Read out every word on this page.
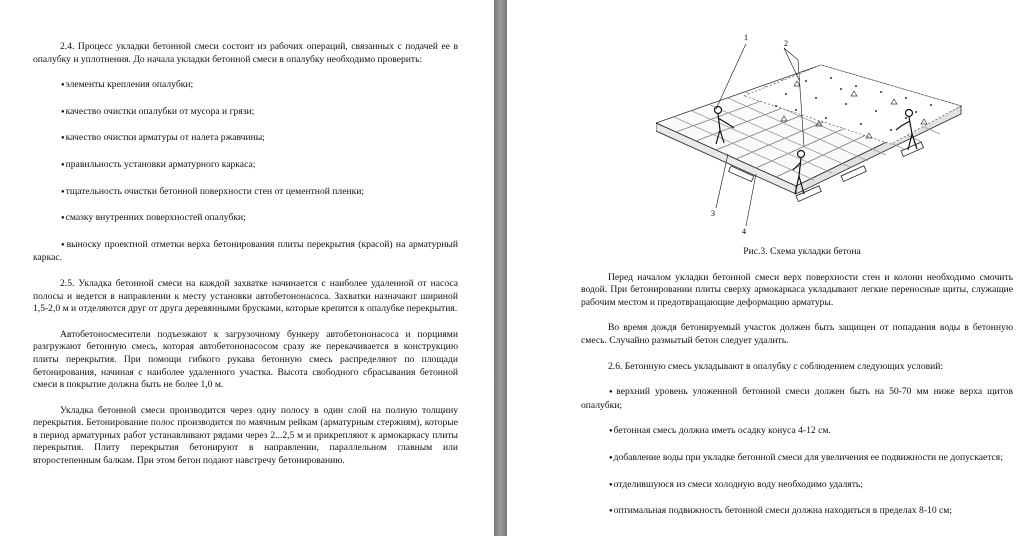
2.4. Процесс укладки бетонной смеси состоит из рабочих операций, связанных с подачей ее в опалубку и уплотнения. До начала укладки бетонной смеси в опалубку необходимо проверить:

● элементы крепления опалубки;

● качество очистки опалубки от мусора и грязи;

● качество очистки арматуры от налета ржавчины;

● правильность установки арматурного каркаса;

● тщательность очистки бетонной поверхности стен от цементной пленки;

● смазку внутренних поверхностей опалубки;

● выноску проектной отметки верха бетонирования плиты перекрытия (красой) на арматурный каркас.

2.5. Укладка бетонной смеси на каждой захватке начинается с наиболее удаленной от насоса полосы и ведется в направлении к месту установки автобетононасоса. Захватки назначают шириной 1,5-2,0 м и отделяются друг от друга деревянными брусками, которые крепятся к опалубке перекрытия.

Автобетоносмесители подъезжают к загрузочному бункеру автобетононасоса и порциями разгружают бетонную смесь, которая автобетононасосом сразу же перекачивается в конструкцию плиты перекрытия. При помощи гибкого рукава бетонную смесь распределяют по площади бетонирования, начиная с наиболее удаленного участка. Высота свободного сбрасывания бетонной смеси в покрытие должна быть не более 1,0 м.

Укладка бетонной смеси производится через одну полосу в один слой на полную толщину перекрытия. Бетонирование полос производится по маячным рейкам (арматурным стержням), которые в период арматурных работ устанавливают рядами через 2...2,5 м и прикрепляют к армокаркасу плиты перекрытия. Плиту перекрытия бетонируют в направлении, параллельном главным или второстепенным балкам. При этом бетон подают навстречу бетонированию.

1
2
3
4

Рис.3. Схема укладки бетона

Перед началом укладки бетонной смеси верх поверхности стен и колонн необходимо смочить водой. При бетонировании плиты сверху армокаркаса укладывают легкие переносные щиты, служащие рабочим местом и предотвращающие деформацию арматуры.

Во время дождя бетонируемый участок должен быть защищен от попадания воды в бетонную смесь. Случайно размытый бетон следует удалить.

2.6. Бетонную смесь укладывают в опалубку с соблюдением следующих условий:

● верхний уровень уложенной бетонной смеси должен быть на 50-70 мм ниже верха щитов опалубки;

● бетонная смесь должна иметь осадку конуса 4-12 см.

● добавление воды при укладке бетонной смеси для увеличения ее подвижности не допускается;

● отделившуюся из смеси холодную воду необходимо удалять;

● оптимальная подвижность бетонной смеси должна находиться в пределах 8-10 см;
